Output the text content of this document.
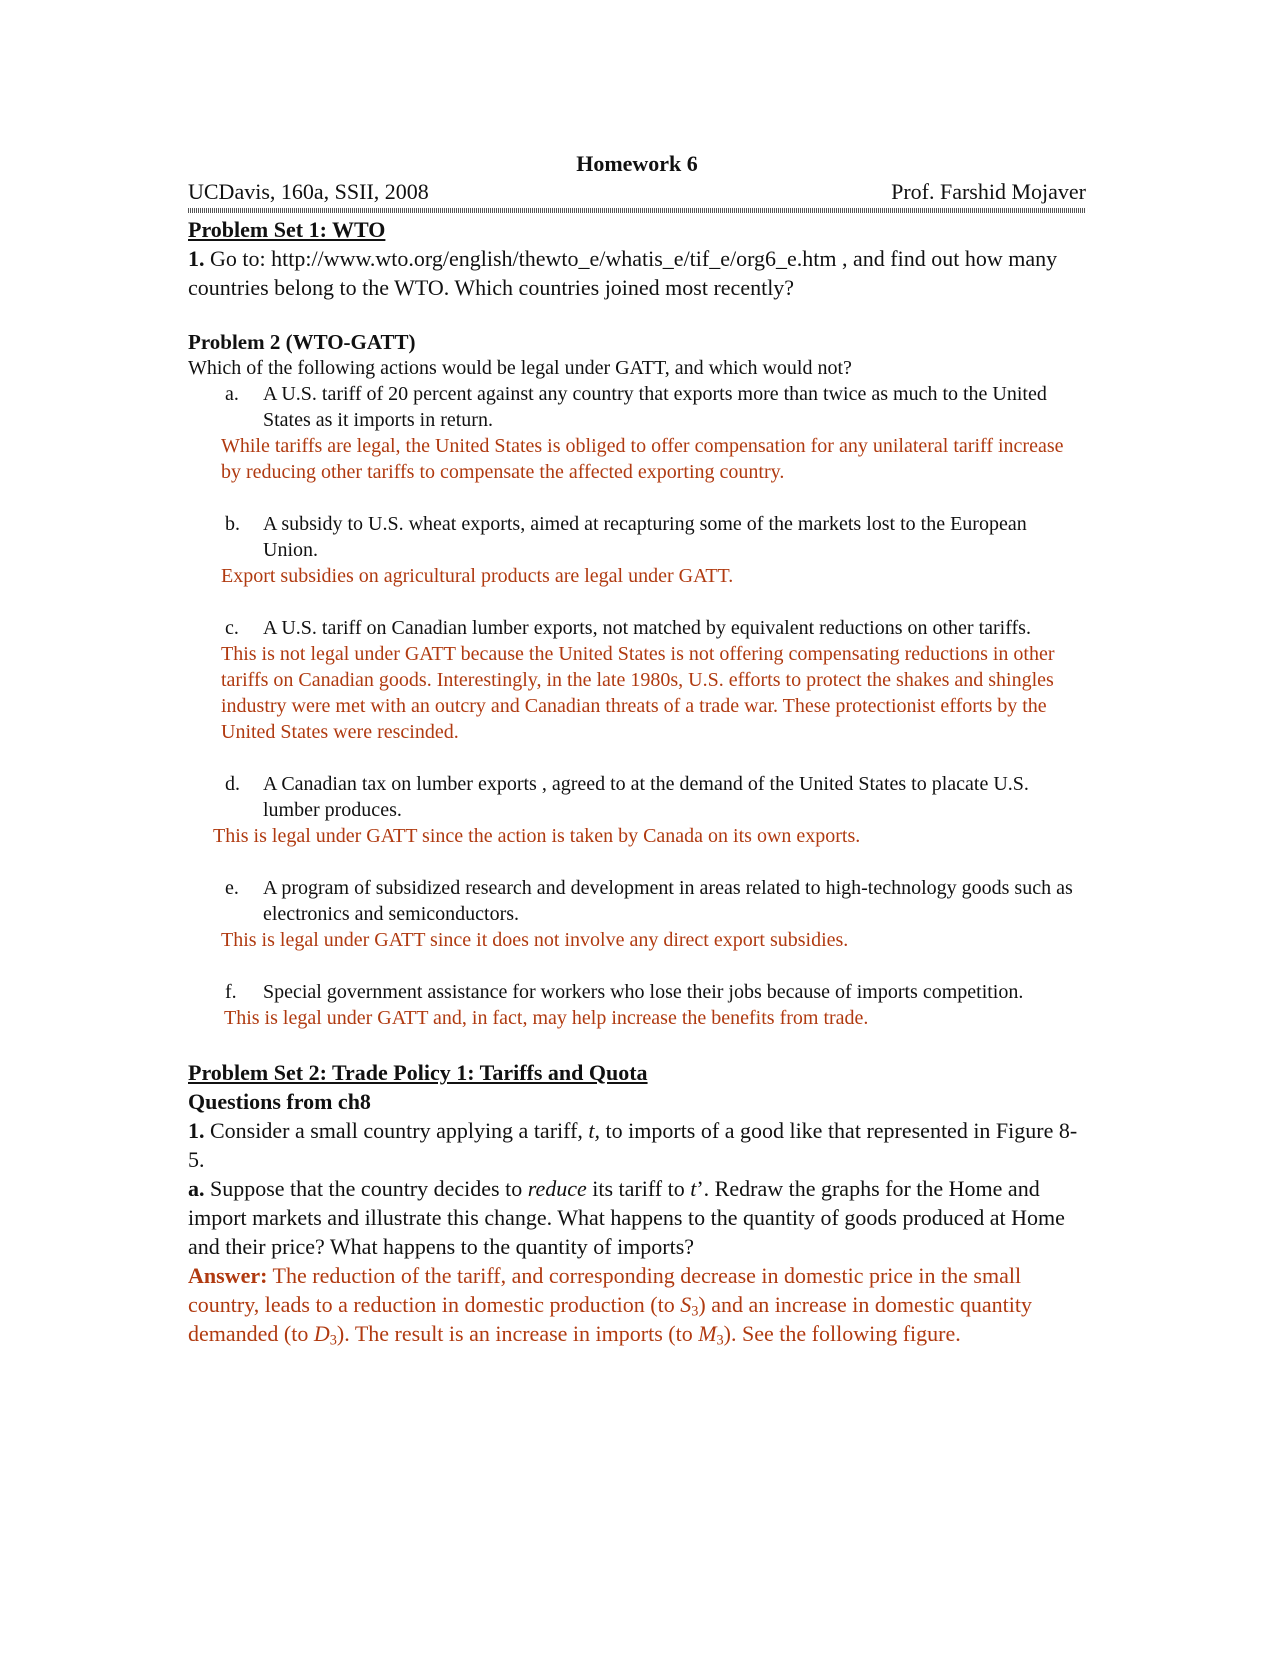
Homework 6
UCDavis, 160a, SSII, 2008	Prof. Farshid Mojaver
Problem Set 1: WTO
1. Go to: http://www.wto.org/english/thewto_e/whatis_e/tif_e/org6_e.htm , and find out how many countries belong to the WTO. Which countries joined most recently?
Problem 2 (WTO-GATT)
Which of the following actions would be legal under GATT, and which would not?
a. A U.S. tariff of 20 percent against any country that exports more than twice as much to the United States as it imports in return.
While tariffs are legal, the United States is obliged to offer compensation for any unilateral tariff increase by reducing other tariffs to compensate the affected exporting country.
b. A subsidy to U.S. wheat exports, aimed at recapturing some of the markets lost to the European Union.
Export subsidies on agricultural products are legal under GATT.
c. A U.S. tariff on Canadian lumber exports, not matched by equivalent reductions on other tariffs.
This is not legal under GATT because the United States is not offering compensating reductions in other tariffs on Canadian goods. Interestingly, in the late 1980s, U.S. efforts to protect the shakes and shingles industry were met with an outcry and Canadian threats of a trade war. These protectionist efforts by the United States were rescinded.
d. A Canadian tax on lumber exports , agreed to at the demand of the United States to placate U.S. lumber produces.
This is legal under GATT since the action is taken by Canada on its own exports.
e. A program of subsidized research and development in areas related to high-technology goods such as electronics and semiconductors.
This is legal under GATT since it does not involve any direct export subsidies.
f. Special government assistance for workers who lose their jobs because of imports competition.
This is legal under GATT and, in fact, may help increase the benefits from trade.
Problem Set 2: Trade Policy 1: Tariffs and Quota
Questions from ch8
1. Consider a small country applying a tariff, t, to imports of a good like that represented in Figure 8-5.
a. Suppose that the country decides to reduce its tariff to t’. Redraw the graphs for the Home and import markets and illustrate this change. What happens to the quantity of goods produced at Home and their price? What happens to the quantity of imports?
Answer: The reduction of the tariff, and corresponding decrease in domestic price in the small country, leads to a reduction in domestic production (to $S_3$) and an increase in domestic quantity demanded (to $D_3$). The result is an increase in imports (to $M_3$). See the following figure.
